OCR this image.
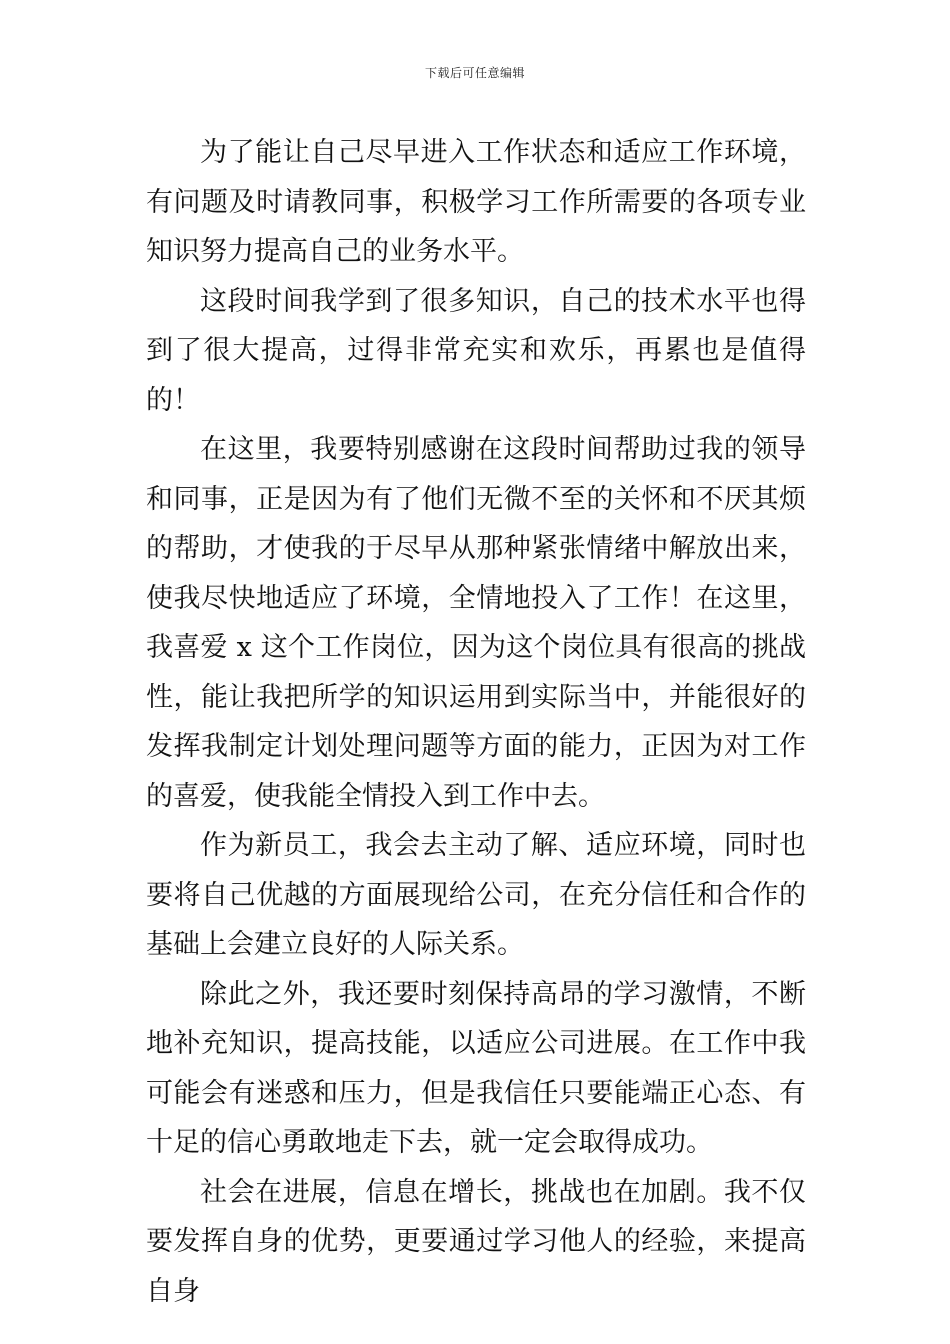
下载后可任意编辑

为了能让自己尽早进入工作状态和适应工作环境，有问题及时请教同事，积极学习工作所需要的各项专业知识努力提高自己的业务水平。

这段时间我学到了很多知识，自己的技术水平也得到了很大提高，过得非常充实和欢乐，再累也是值得的！

在这里，我要特别感谢在这段时间帮助过我的领导和同事，正是因为有了他们无微不至的关怀和不厌其烦的帮助，才使我的于尽早从那种紧张情绪中解放出来，使我尽快地适应了环境，全情地投入了工作！在这里，我喜爱 x 这个工作岗位，因为这个岗位具有很高的挑战性，能让我把所学的知识运用到实际当中，并能很好的发挥我制定计划处理问题等方面的能力，正因为对工作的喜爱，使我能全情投入到工作中去。

作为新员工，我会去主动了解、适应环境，同时也要将自己优越的方面展现给公司，在充分信任和合作的基础上会建立良好的人际关系。

除此之外，我还要时刻保持高昂的学习激情，不断地补充知识，提高技能，以适应公司进展。在工作中我可能会有迷惑和压力，但是我信任只要能端正心态、有十足的信心勇敢地走下去，就一定会取得成功。

社会在进展，信息在增长，挑战也在加剧。我不仅要发挥自身的优势，更要通过学习他人的经验，来提高自身
